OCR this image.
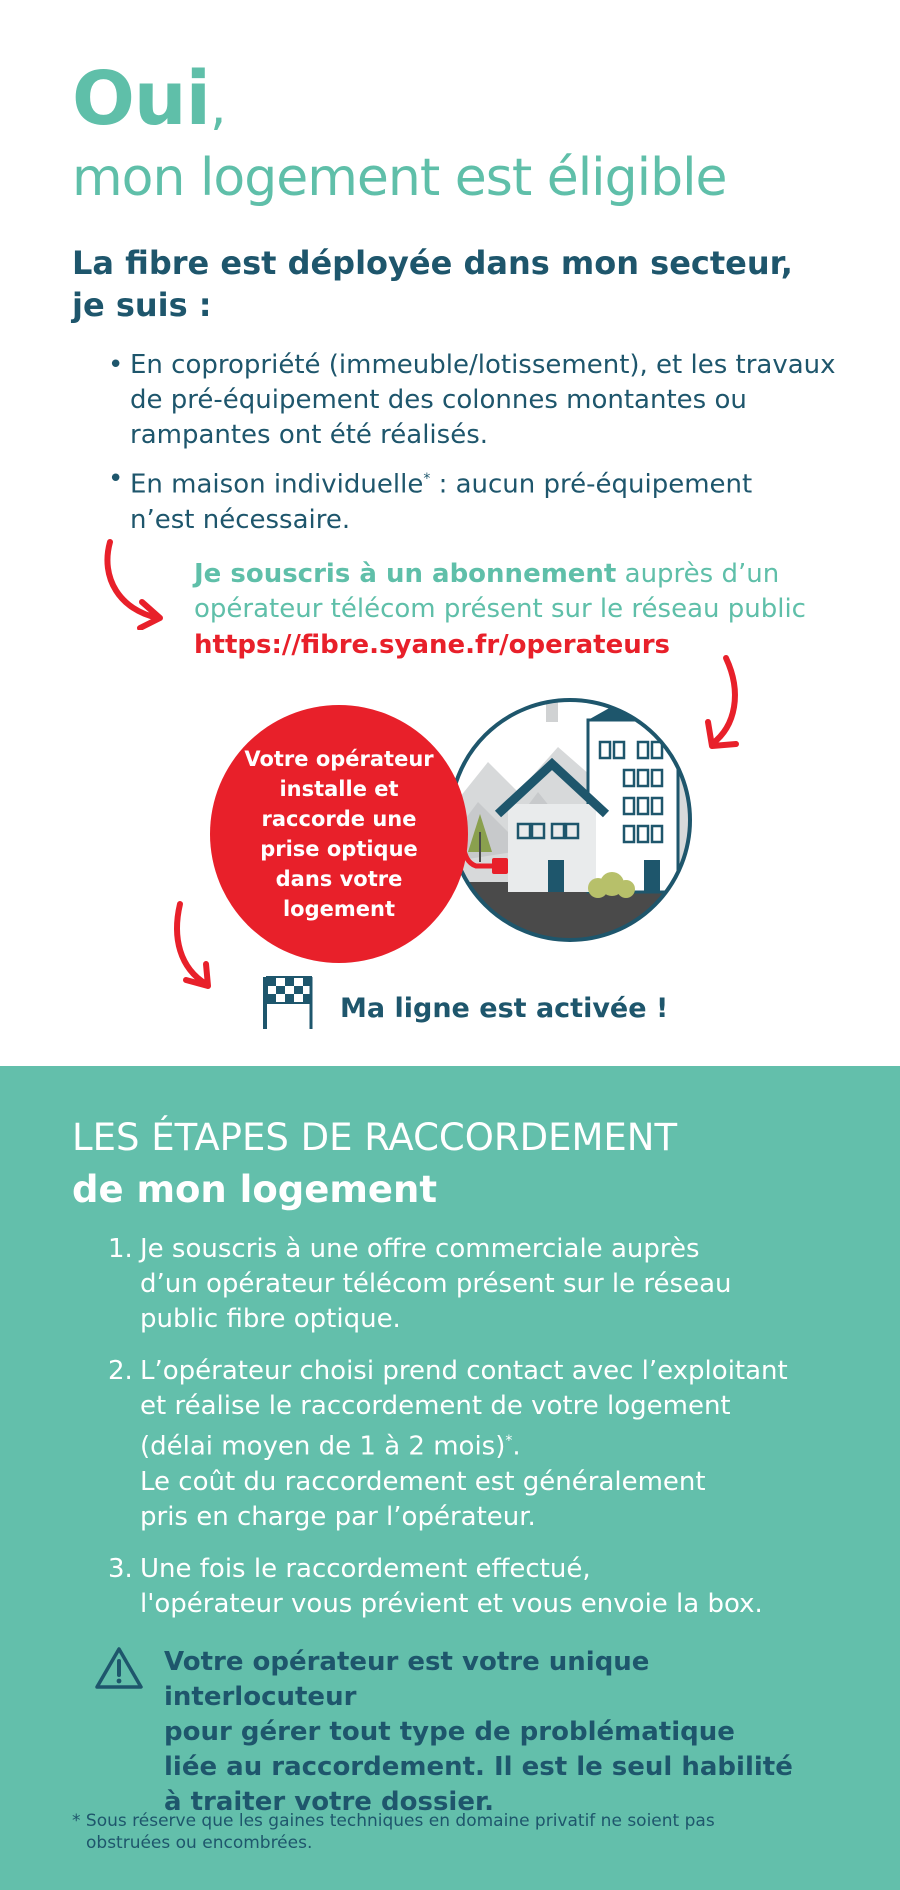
Oui,
mon logement est éligible
La fibre est déployée dans mon secteur,
je suis :
• En copropriété (immeuble/lotissement), et les travaux
de pré-équipement des colonnes montantes ou
rampantes ont été réalisés.
• En maison individuelle* : aucun pré-équipement
n’est nécessaire.
Je souscris à un abonnement auprès d’un
opérateur télécom présent sur le réseau public
https://fibre.syane.fr/operateurs
Votre opérateur installe et raccorde une prise optique dans votre logement
Ma ligne est activée !
LES ÉTAPES DE RACCORDEMENT
de mon logement
1. Je souscris à une offre commerciale auprès
d’un opérateur télécom présent sur le réseau
public fibre optique.
2. L’opérateur choisi prend contact avec l’exploitant
et réalise le raccordement de votre logement
(délai moyen de 1 à 2 mois)*.
Le coût du raccordement est généralement
pris en charge par l’opérateur.
3. Une fois le raccordement effectué,
l'opérateur vous prévient et vous envoie la box.
Votre opérateur est votre unique interlocuteur
pour gérer tout type de problématique
liée au raccordement. Il est le seul habilité
à traiter votre dossier.
* Sous réserve que les gaines techniques en domaine privatif ne soient pas
obstruées ou encombrées.
